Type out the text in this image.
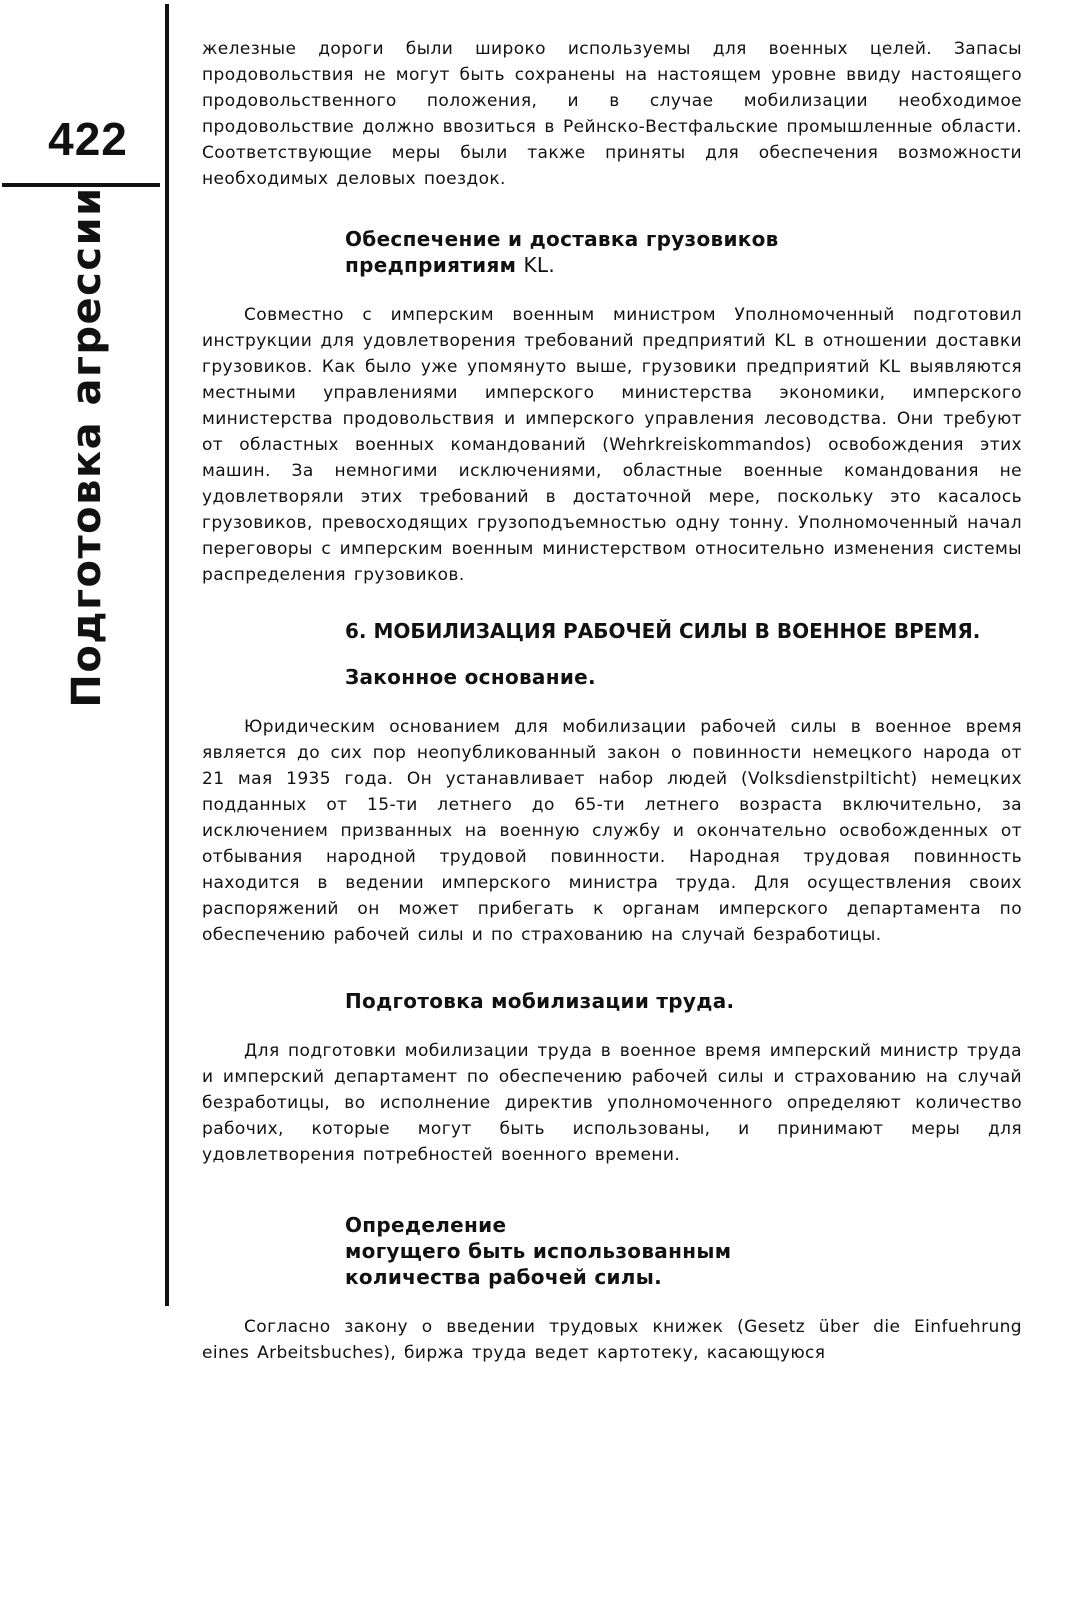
422
Подготовка агрессии

железные дороги были широко используемы для военных целей. Запасы продовольствия не могут быть сохранены на настоящем уровне ввиду настоящего продовольственного положения, и в случае мобилизации необходимое продовольствие должно ввозиться в Рейнско-Вестфальские промышленные области. Соответствующие меры были также приняты для обеспечения возможности необходимых деловых поездок.

Обеспечение и доставка грузовиков
предприятиям KL.

Совместно с имперским военным министром Уполномоченный подготовил инструкции для удовлетворения требований предприятий KL в отношении доставки грузовиков. Как было уже упомянуто выше, грузовики предприятий KL выявляются местными управлениями имперского министерства экономики, имперского министерства продовольствия и имперского управления лесоводства. Они требуют от областных военных командований (Wehrkreiskommandos) освобождения этих машин. За немногими исключениями, областные военные командования не удовлетворяли этих требований в достаточной мере, поскольку это касалось грузовиков, превосходящих грузоподъемностью одну тонну. Уполномоченный начал переговоры с имперским военным министерством относительно изменения системы распределения грузовиков.

6. МОБИЛИЗАЦИЯ РАБОЧЕЙ СИЛЫ В ВОЕННОЕ ВРЕМЯ.
Законное основание.

Юридическим основанием для мобилизации рабочей силы в военное время является до сих пор неопубликованный закон о повинности немецкого народа от 21 мая 1935 года. Он устанавливает набор людей (Volksdienstpilticht) немецких подданных от 15-ти летнего до 65-ти летнего возраста включительно, за исключением призванных на военную службу и окончательно освобожденных от отбывания народной трудовой повинности. Народная трудовая повинность находится в ведении имперского министра труда. Для осуществления своих распоряжений он может прибегать к органам имперского департамента по обеспечению рабочей силы и по страхованию на случай безработицы.

Подготовка мобилизации труда.

Для подготовки мобилизации труда в военное время имперский министр труда и имперский департамент по обеспечению рабочей силы и страхованию на случай безработицы, во исполнение директив уполномоченного определяют количество рабочих, которые могут быть использованы, и принимают меры для удовлетворения потребностей военного времени.

Определение
могущего быть использованным
количества рабочей силы.

Согласно закону о введении трудовых книжек (Gesetz über die Einfuehrung eines Arbeitsbuches), биржа труда ведет картотеку, касающуюся
